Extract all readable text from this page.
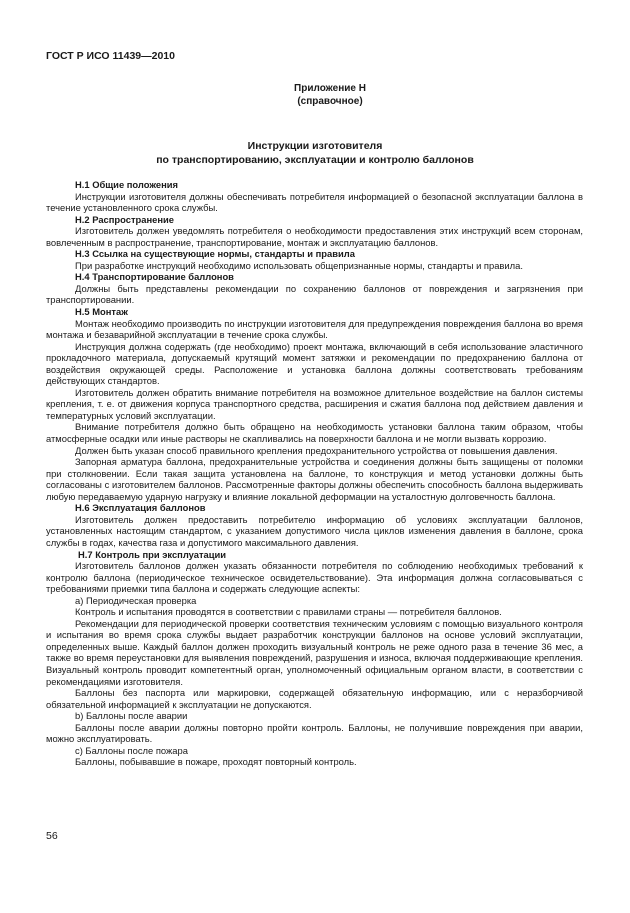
ГОСТ Р ИСО 11439—2010
Приложение Н
(справочное)
Инструкции изготовителя
по транспортированию, эксплуатации и контролю баллонов

Н.1 Общие положения

Инструкции изготовителя должны обеспечивать потребителя информацией о безопасной эксплуатации баллона в течение установленного срока службы.

Н.2 Распространение

Изготовитель должен уведомлять потребителя о необходимости предоставления этих инструкций всем сторонам, вовлеченным в распространение, транспортирование, монтаж и эксплуатацию баллонов.

Н.3 Ссылка на существующие нормы, стандарты и правила

При разработке инструкций необходимо использовать общепризнанные нормы, стандарты и правила.

Н.4 Транспортирование баллонов

Должны быть представлены рекомендации по сохранению баллонов от повреждения и загрязнения при транспортировании.

Н.5 Монтаж

Монтаж необходимо производить по инструкции изготовителя для предупреждения повреждения баллона во время монтажа и безаварийной эксплуатации в течение срока службы.

Инструкция должна содержать (где необходимо) проект монтажа, включающий в себя использование эластичного прокладочного материала, допускаемый крутящий момент затяжки и рекомендации по предохранению баллона от воздействия окружающей среды. Расположение и установка баллона должны соответствовать требованиям действующих стандартов.

Изготовитель должен обратить внимание потребителя на возможное длительное воздействие на баллон системы крепления, т. е. от движения корпуса транспортного средства, расширения и сжатия баллона под действием давления и температурных условий эксплуатации.

Внимание потребителя должно быть обращено на необходимость установки баллона таким образом, чтобы атмосферные осадки или иные растворы не скапливались на поверхности баллона и не могли вызвать коррозию.

Должен быть указан способ правильного крепления предохранительного устройства от повышения давления.

Запорная арматура баллона, предохранительные устройства и соединения должны быть защищены от поломки при столкновении. Если такая защита установлена на баллоне, то конструкция и метод установки должны быть согласованы с изготовителем баллонов. Рассмотренные факторы должны обеспечить способность баллона выдерживать любую передаваемую ударную нагрузку и влияние локальной деформации на усталостную долговечность баллона.

Н.6 Эксплуатация баллонов

Изготовитель должен предоставить потребителю информацию об условиях эксплуатации баллонов, установленных настоящим стандартом, с указанием допустимого числа циклов изменения давления в баллоне, срока службы в годах, качества газа и допустимого максимального давления.

Н.7 Контроль при эксплуатации

Изготовитель баллонов должен указать обязанности потребителя по соблюдению необходимых требований к контролю баллона (периодическое техническое освидетельствование). Эта информация должна согласовываться с требованиями приемки типа баллона и содержать следующие аспекты:

а) Периодическая проверка

Контроль и испытания проводятся в соответствии с правилами страны — потребителя баллонов.

Рекомендации для периодической проверки соответствия техническим условиям с помощью визуального контроля и испытания во время срока службы выдает разработчик конструкции баллонов на основе условий эксплуатации, определенных выше. Каждый баллон должен проходить визуальный контроль не реже одного раза в течение 36 мес, а также во время переустановки для выявления повреждений, разрушения и износа, включая поддерживающие крепления. Визуальный контроль проводит компетентный орган, уполномоченный официальным органом власти, в соответствии с рекомендациями изготовителя.

Баллоны без паспорта или маркировки, содержащей обязательную информацию, или с неразборчивой обязательной информацией к эксплуатации не допускаются.

b) Баллоны после аварии

Баллоны после аварии должны повторно пройти контроль. Баллоны, не получившие повреждения при аварии, можно эксплуатировать.

c) Баллоны после пожара

Баллоны, побывавшие в пожаре, проходят повторный контроль.

56
